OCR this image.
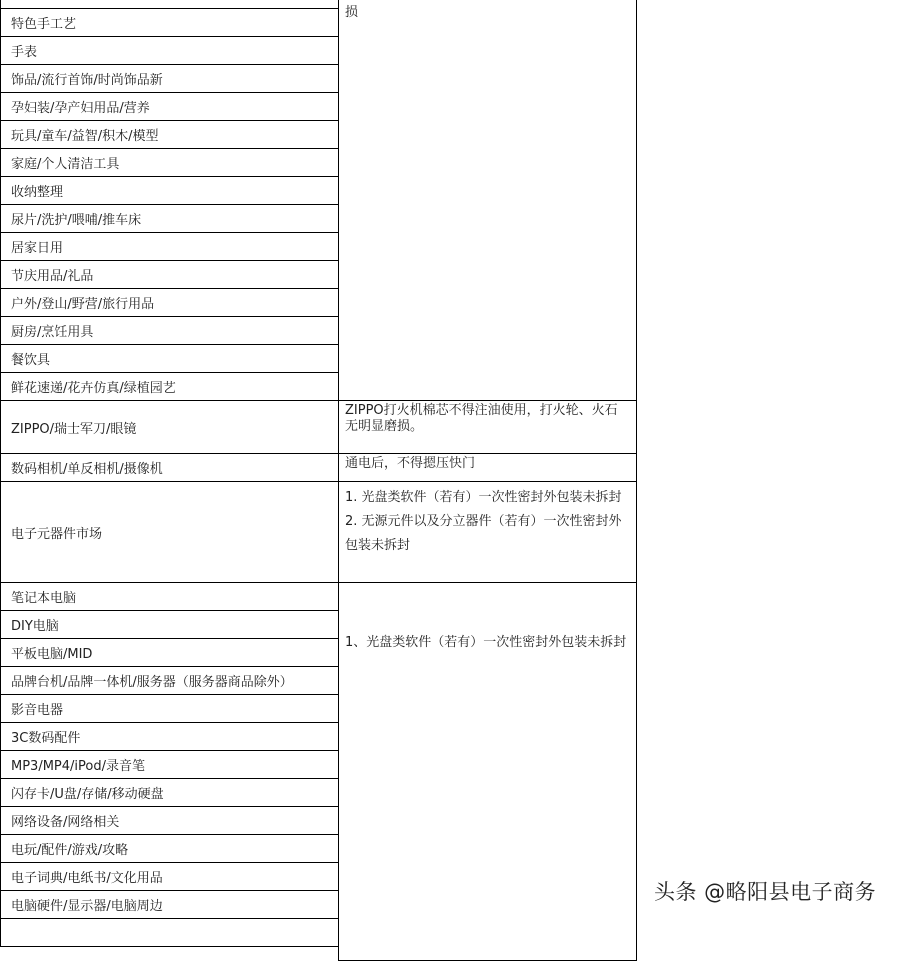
特色手工艺
手表
饰品/流行首饰/时尚饰品新
孕妇装/孕产妇用品/营养
玩具/童车/益智/积木/模型
家庭/个人清洁工具
收纳整理
尿片/洗护/喂哺/推车床
居家日用
节庆用品/礼品
户外/登山/野营/旅行用品
厨房/烹饪用具
餐饮具
鲜花速递/花卉仿真/绿植园艺
ZIPPO/瑞士军刀/眼镜
数码相机/单反相机/摄像机
电子元器件市场
笔记本电脑
DIY电脑
平板电脑/MID
品牌台机/品牌一体机/服务器（服务器商品除外）
影音电器
3C数码配件
MP3/MP4/iPod/录音笔
闪存卡/U盘/存储/移动硬盘
网络设备/网络相关
电玩/配件/游戏/攻略
电子词典/电纸书/文化用品
电脑硬件/显示器/电脑周边

损

ZIPPO打火机棉芯不得注油使用，打火轮、火石无明显磨损。

通电后，不得摁压快门

1. 光盘类软件（若有）一次性密封外包装未拆封

2. 无源元件以及分立器件（若有）一次性密封外包装未拆封

1、光盘类软件（若有）一次性密封外包装未拆封

头条 @略阳县电子商务
